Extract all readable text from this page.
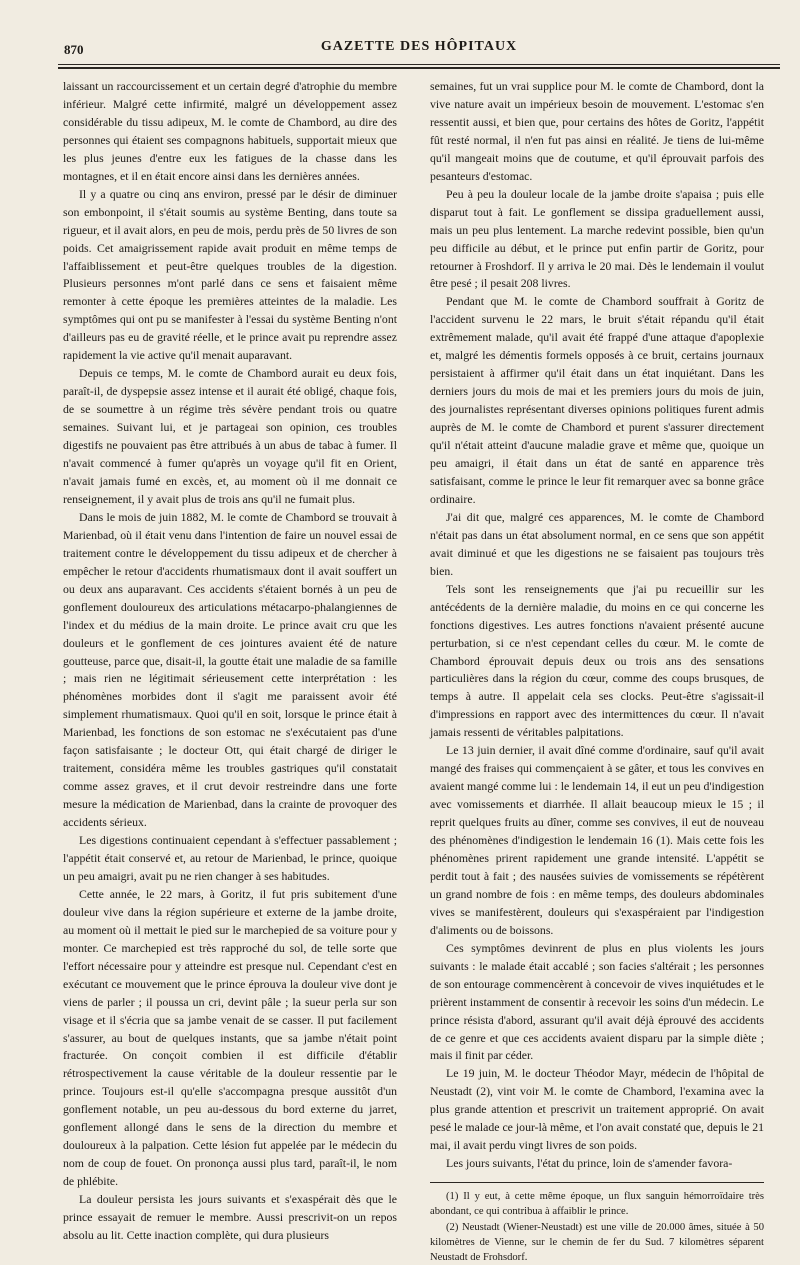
870	GAZETTE DES HÔPITAUX

laissant un raccourcissement et un certain degré d'atrophie du membre inférieur. Malgré cette infirmité, malgré un développement assez considérable du tissu adipeux, M. le comte de Chambord, au dire des personnes qui étaient ses compagnons habituels, supportait mieux que les plus jeunes d'entre eux les fatigues de la chasse dans les montagnes, et il en était encore ainsi dans les dernières années.

Il y a quatre ou cinq ans environ, pressé par le désir de diminuer son embonpoint, il s'était soumis au système Benting, dans toute sa rigueur, et il avait alors, en peu de mois, perdu près de 50 livres de son poids. Cet amaigrissement rapide avait produit en même temps de l'affaiblissement et peut-être quelques troubles de la digestion. Plusieurs personnes m'ont parlé dans ce sens et faisaient même remonter à cette époque les premières atteintes de la maladie. Les symptômes qui ont pu se manifester à l'essai du système Benting n'ont d'ailleurs pas eu de gravité réelle, et le prince avait pu reprendre assez rapidement la vie active qu'il menait auparavant.

Depuis ce temps, M. le comte de Chambord aurait eu deux fois, paraît-il, de dyspepsie assez intense et il aurait été obligé, chaque fois, de se soumettre à un régime très sévère pendant trois ou quatre semaines. Suivant lui, et je partageai son opinion, ces troubles digestifs ne pouvaient pas être attribués à un abus de tabac à fumer. Il n'avait commencé à fumer qu'après un voyage qu'il fit en Orient, n'avait jamais fumé en excès, et, au moment où il me donnait ce renseignement, il y avait plus de trois ans qu'il ne fumait plus.

Dans le mois de juin 1882, M. le comte de Chambord se trouvait à Marienbad, où il était venu dans l'intention de faire un nouvel essai de traitement contre le développement du tissu adipeux et de chercher à empêcher le retour d'accidents rhumatismaux dont il avait souffert un ou deux ans auparavant. Ces accidents s'étaient bornés à un peu de gonflement douloureux des articulations métacarpo-phalangiennes de l'index et du médius de la main droite. Le prince avait cru que les douleurs et le gonflement de ces jointures avaient été de nature goutteuse, parce que, disait-il, la goutte était une maladie de sa famille ; mais rien ne légitimait sérieusement cette interprétation : les phénomènes morbides dont il s'agit me paraissent avoir été simplement rhumatismaux. Quoi qu'il en soit, lorsque le prince était à Marienbad, les fonctions de son estomac ne s'exécutaient pas d'une façon satisfaisante ; le docteur Ott, qui était chargé de diriger le traitement, considéra même les troubles gastriques qu'il constatait comme assez graves, et il crut devoir restreindre dans une forte mesure la médication de Marienbad, dans la crainte de provoquer des accidents sérieux.

Les digestions continuaient cependant à s'effectuer passablement ; l'appétit était conservé et, au retour de Marienbad, le prince, quoique un peu amaigri, avait pu ne rien changer à ses habitudes.

Cette année, le 22 mars, à Goritz, il fut pris subitement d'une douleur vive dans la région supérieure et externe de la jambe droite, au moment où il mettait le pied sur le marchepied de sa voiture pour y monter. Ce marchepied est très rapproché du sol, de telle sorte que l'effort nécessaire pour y atteindre est presque nul. Cependant c'est en exécutant ce mouvement que le prince éprouva la douleur vive dont je viens de parler ; il poussa un cri, devint pâle ; la sueur perla sur son visage et il s'écria que sa jambe venait de se casser. Il put facilement s'assurer, au bout de quelques instants, que sa jambe n'était point fracturée. On conçoit combien il est difficile d'établir rétrospectivement la cause véritable de la douleur ressentie par le prince. Toujours est-il qu'elle s'accompagna presque aussitôt d'un gonflement notable, un peu au-dessous du bord externe du jarret, gonflement allongé dans le sens de la direction du membre et douloureux à la palpation. Cette lésion fut appelée par le médecin du nom de coup de fouet. On prononça aussi plus tard, paraît-il, le nom de phlébite.

La douleur persista les jours suivants et s'exaspérait dès que le prince essayait de remuer le membre. Aussi prescrivit-on un repos absolu au lit. Cette inaction complète, qui dura plusieurs

semaines, fut un vrai supplice pour M. le comte de Chambord, dont la vive nature avait un impérieux besoin de mouvement. L'estomac s'en ressentit aussi, et bien que, pour certains des hôtes de Goritz, l'appétit fût resté normal, il n'en fut pas ainsi en réalité. Je tiens de lui-même qu'il mangeait moins que de coutume, et qu'il éprouvait parfois des pesanteurs d'estomac.

Peu à peu la douleur locale de la jambe droite s'apaisa ; puis elle disparut tout à fait. Le gonflement se dissipa graduellement aussi, mais un peu plus lentement. La marche redevint possible, bien qu'un peu difficile au début, et le prince put enfin partir de Goritz, pour retourner à Froshdorf. Il y arriva le 20 mai. Dès le lendemain il voulut être pesé ; il pesait 208 livres.

Pendant que M. le comte de Chambord souffrait à Goritz de l'accident survenu le 22 mars, le bruit s'était répandu qu'il était extrêmement malade, qu'il avait été frappé d'une attaque d'apoplexie et, malgré les démentis formels opposés à ce bruit, certains journaux persistaient à affirmer qu'il était dans un état inquiétant. Dans les derniers jours du mois de mai et les premiers jours du mois de juin, des journalistes représentant diverses opinions politiques furent admis auprès de M. le comte de Chambord et purent s'assurer directement qu'il n'était atteint d'aucune maladie grave et même que, quoique un peu amaigri, il était dans un état de santé en apparence très satisfaisant, comme le prince le leur fit remarquer avec sa bonne grâce ordinaire.

J'ai dit que, malgré ces apparences, M. le comte de Chambord n'était pas dans un état absolument normal, en ce sens que son appétit avait diminué et que les digestions ne se faisaient pas toujours très bien.

Tels sont les renseignements que j'ai pu recueillir sur les antécédents de la dernière maladie, du moins en ce qui concerne les fonctions digestives. Les autres fonctions n'avaient présenté aucune perturbation, si ce n'est cependant celles du cœur. M. le comte de Chambord éprouvait depuis deux ou trois ans des sensations particulières dans la région du cœur, comme des coups brusques, de temps à autre. Il appelait cela ses clocks. Peut-être s'agissait-il d'impressions en rapport avec des intermittences du cœur. Il n'avait jamais ressenti de véritables palpitations.

Le 13 juin dernier, il avait dîné comme d'ordinaire, sauf qu'il avait mangé des fraises qui commençaient à se gâter, et tous les convives en avaient mangé comme lui : le lendemain 14, il eut un peu d'indigestion avec vomissements et diarrhée. Il allait beaucoup mieux le 15 ; il reprit quelques fruits au dîner, comme ses convives, il eut de nouveau des phénomènes d'indigestion le lendemain 16 (1). Mais cette fois les phénomènes prirent rapidement une grande intensité. L'appétit se perdit tout à fait ; des nausées suivies de vomissements se répétèrent un grand nombre de fois : en même temps, des douleurs abdominales vives se manifestèrent, douleurs qui s'exaspéraient par l'indigestion d'aliments ou de boissons.

Ces symptômes devinrent de plus en plus violents les jours suivants : le malade était accablé ; son facies s'altérait ; les personnes de son entourage commencèrent à concevoir de vives inquiétudes et le prièrent instamment de consentir à recevoir les soins d'un médecin. Le prince résista d'abord, assurant qu'il avait déjà éprouvé des accidents de ce genre et que ces accidents avaient disparu par la simple diète ; mais il finit par céder.

Le 19 juin, M. le docteur Théodor Mayr, médecin de l'hôpital de Neustadt (2), vint voir M. le comte de Chambord, l'examina avec la plus grande attention et prescrivit un traitement approprié. On avait pesé le malade ce jour-là même, et l'on avait constaté que, depuis le 21 mai, il avait perdu vingt livres de son poids.

Les jours suivants, l'état du prince, loin de s'amender favora-

(1) Il y eut, à cette même époque, un flux sanguin hémorroïdaire très abondant, ce qui contribua à affaiblir le prince.

(2) Neustadt (Wiener-Neustadt) est une ville de 20.000 âmes, située à 50 kilomètres de Vienne, sur le chemin de fer du Sud. 7 kilomètres séparent Neustadt de Frohsdorf.
